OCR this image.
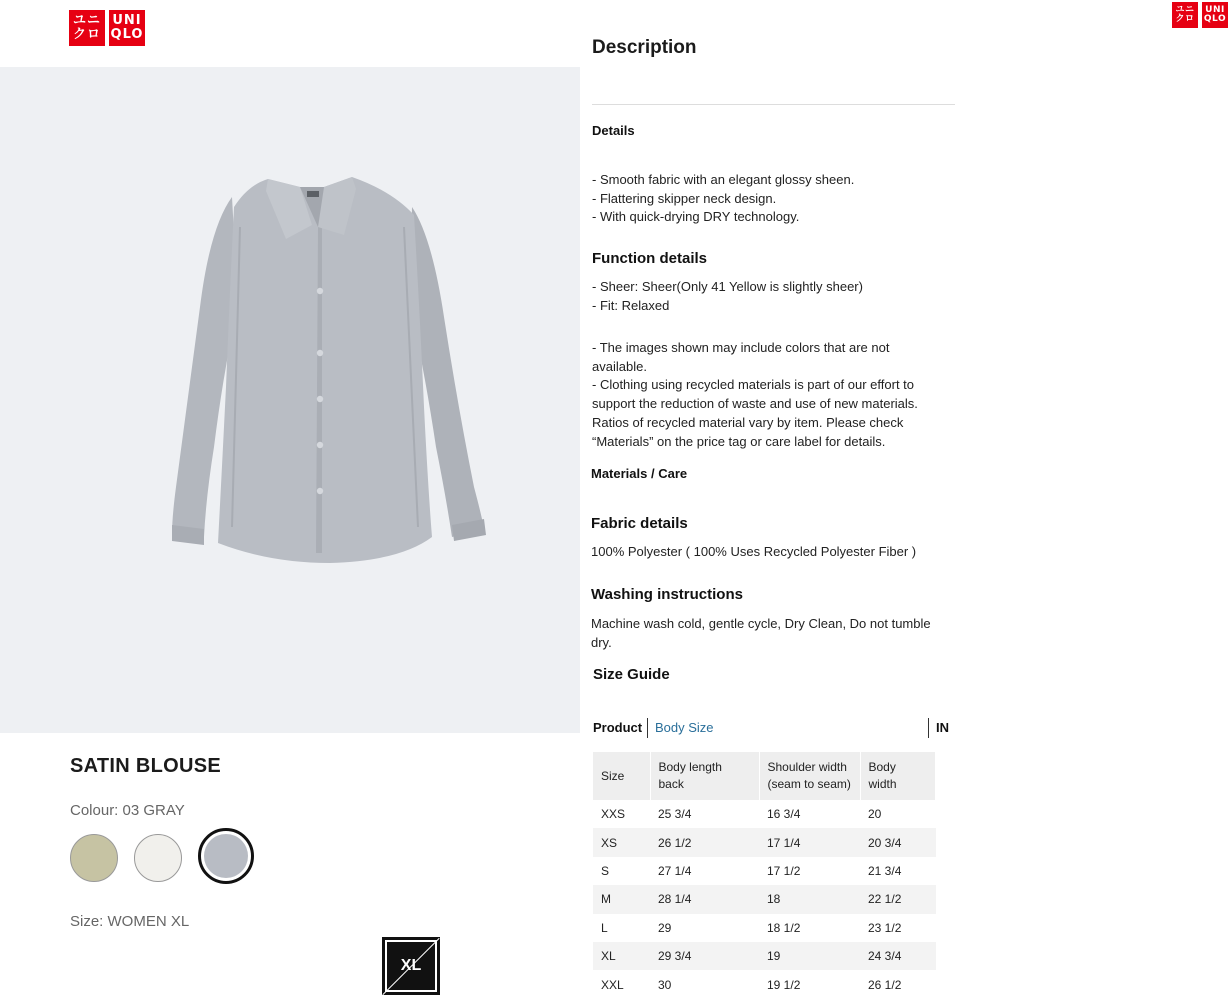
ユニ
クロ
UNI
QLO
SATIN BLOUSE
Colour: 03 GRAY
Size: WOMEN XL
XL
ユニ
クロ
UNI
QLO
Description
Details
- Smooth fabric with an elegant glossy sheen.
- Flattering skipper neck design.
- With quick-drying DRY technology.
Function details
- Sheer: Sheer(Only 41 Yellow is slightly sheer)
- Fit: Relaxed

- The images shown may include colors that are not available.

- Clothing using recycled materials is part of our effort to support the reduction of waste and use of new materials. Ratios of recycled material vary by item. Please check “Materials” on the price tag or care label for details.

Materials / Care
Fabric details
100% Polyester ( 100% Uses Recycled Polyester Fiber )
Washing instructions
Machine wash cold, gentle cycle, Dry Clean, Do not tumble dry.
Size Guide
Product Body Size	IN
Size	Body length back	Shoulder width (seam to seam)	Body width
XXS	25 3/4	16 3/4	20
XS	26 1/2	17 1/4	20 3/4
S	27 1/4	17 1/2	21 3/4
M	28 1/4	18	22 1/2
L	29	18 1/2	23 1/2
XL	29 3/4	19	24 3/4
XXL	30	19 1/2	26 1/2
